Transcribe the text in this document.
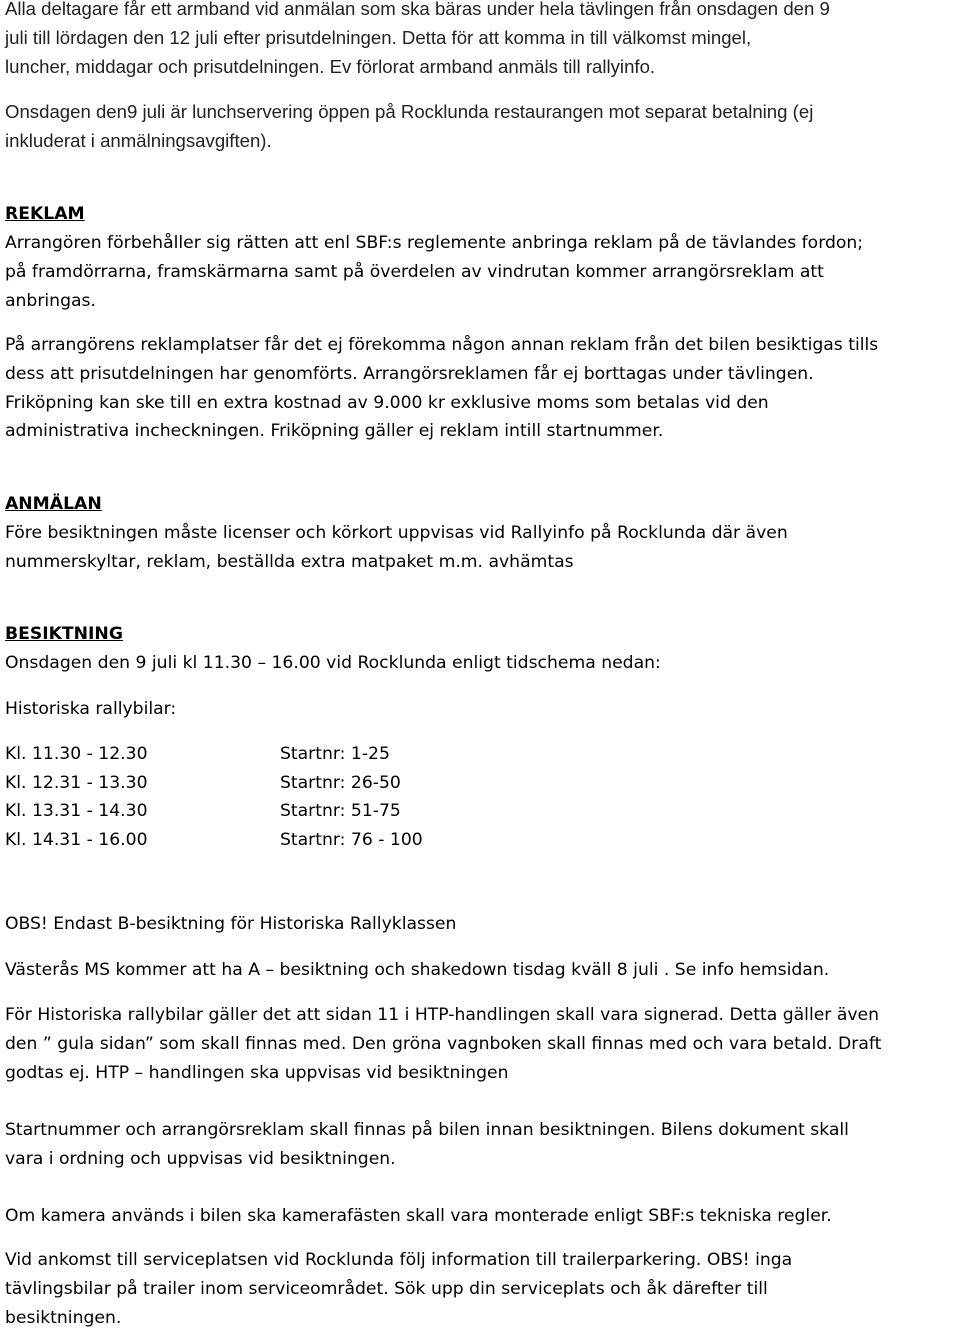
Alla deltagare får ett armband vid anmälan som ska bäras under hela tävlingen från onsdagen den 9
juli till lördagen den 12 juli efter prisutdelningen. Detta för att komma in till välkomst mingel,
luncher, middagar och prisutdelningen. Ev förlorat armband anmäls till rallyinfo.
Onsdagen den9 juli är lunchservering öppen på Rocklunda restaurangen mot separat betalning (ej
inkluderat i anmälningsavgiften).
REKLAM
Arrangören förbehåller sig rätten att enl SBF:s reglemente anbringa reklam på de tävlandes fordon;
på framdörrarna, framskärmarna samt på överdelen av vindrutan kommer arrangörsreklam att
anbringas.
På arrangörens reklamplatser får det ej förekomma någon annan reklam från det bilen besiktigas tills
dess att prisutdelningen har genomförts. Arrangörsreklamen får ej borttagas under tävlingen.
Friköpning kan ske till en extra kostnad av 9.000 kr exklusive moms som betalas vid den
administrativa incheckningen. Friköpning gäller ej reklam intill startnummer.
ANMÄLAN
Före besiktningen måste licenser och körkort uppvisas vid Rallyinfo på Rocklunda där även
nummerskyltar, reklam, beställda extra matpaket m.m. avhämtas
BESIKTNING
Onsdagen den 9 juli kl 11.30 – 16.00 vid Rocklunda enligt tidschema nedan:
Historiska rallybilar:
Kl. 11.30 - 12.30	Startnr: 1-25
Kl. 12.31 - 13.30	Startnr: 26-50
Kl. 13.31 - 14.30	Startnr: 51-75
Kl. 14.31 - 16.00	Startnr: 76 - 100
OBS! Endast B-besiktning för Historiska Rallyklassen
Västerås MS kommer att ha A – besiktning och shakedown tisdag kväll 8 juli . Se info hemsidan.
För Historiska rallybilar gäller det att sidan 11 i HTP-handlingen skall vara signerad. Detta gäller även
den ” gula sidan” som skall finnas med. Den gröna vagnboken skall finnas med och vara betald. Draft
godtas ej. HTP – handlingen ska uppvisas vid besiktningen
Startnummer och arrangörsreklam skall finnas på bilen innan besiktningen. Bilens dokument skall
vara i ordning och uppvisas vid besiktningen.
Om kamera används i bilen ska kamerafästen skall vara monterade enligt SBF:s tekniska regler.
Vid ankomst till serviceplatsen vid Rocklunda följ information till trailerparkering. OBS! inga
tävlingsbilar på trailer inom serviceområdet. Sök upp din serviceplats och åk därefter till
besiktningen.
